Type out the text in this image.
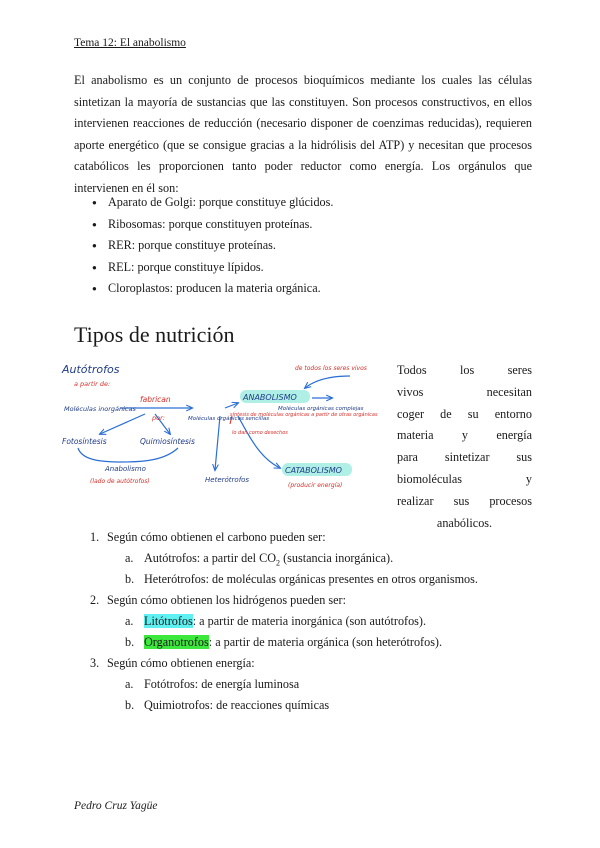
Tema 12: El anabolismo

El anabolismo es un conjunto de procesos bioquímicos mediante los cuales las células sintetizan la mayoría de sustancias que las constituyen. Son procesos constructivos, en ellos intervienen reacciones de reducción (necesario disponer de coenzimas reducidas), requieren aporte energético (que se consigue gracias a la hidrólisis del ATP) y necesitan que procesos catabólicos les proporcionen tanto poder reductor como energía. Los orgánulos que intervienen en él son:

● Aparato de Golgi: porque constituye glúcidos.
● Ribosomas: porque constituyen proteínas.
● RER: porque constituye proteínas.
● REL: porque constituye lípidos.
● Cloroplastos: producen la materia orgánica.
Tipos de nutrición
Autótrofos
a partir de:
Moléculas inorgánicas
fabrican
por:	Moléculas orgánicas sencillas
ANABOLISMO
síntesis de moléculas orgánicas a partir de otras orgánicas
Moléculas orgánicas complejas
de todos los seres vivos
Fotosíntesis	Quimiosíntesis
Anabolismo
(lado de autótrofos)
lo dan como desechos
CATABOLISMO
(producir energía)
Heterótrofos
Todos los seres
vivos necesitan
coger de su entorno
materia y energía
para sintetizar sus
biomoléculas y
realizar sus procesos
anabólicos.
1. Según cómo obtienen el carbono pueden ser:
a. Autótrofos: a partir del $CO_2$ (sustancia inorgánica).
b. Heterótrofos: de moléculas orgánicas presentes en otros organismos.
2. Según cómo obtienen los hidrógenos pueden ser:
a. Litótrofos: a partir de materia inorgánica (son autótrofos).
b. Organotrofos: a partir de materia orgánica (son heterótrofos).
3. Según cómo obtienen energía:
a. Fotótrofos: de energía luminosa
b. Quimiotrofos: de reacciones químicas
Pedro Cruz Yagüe
